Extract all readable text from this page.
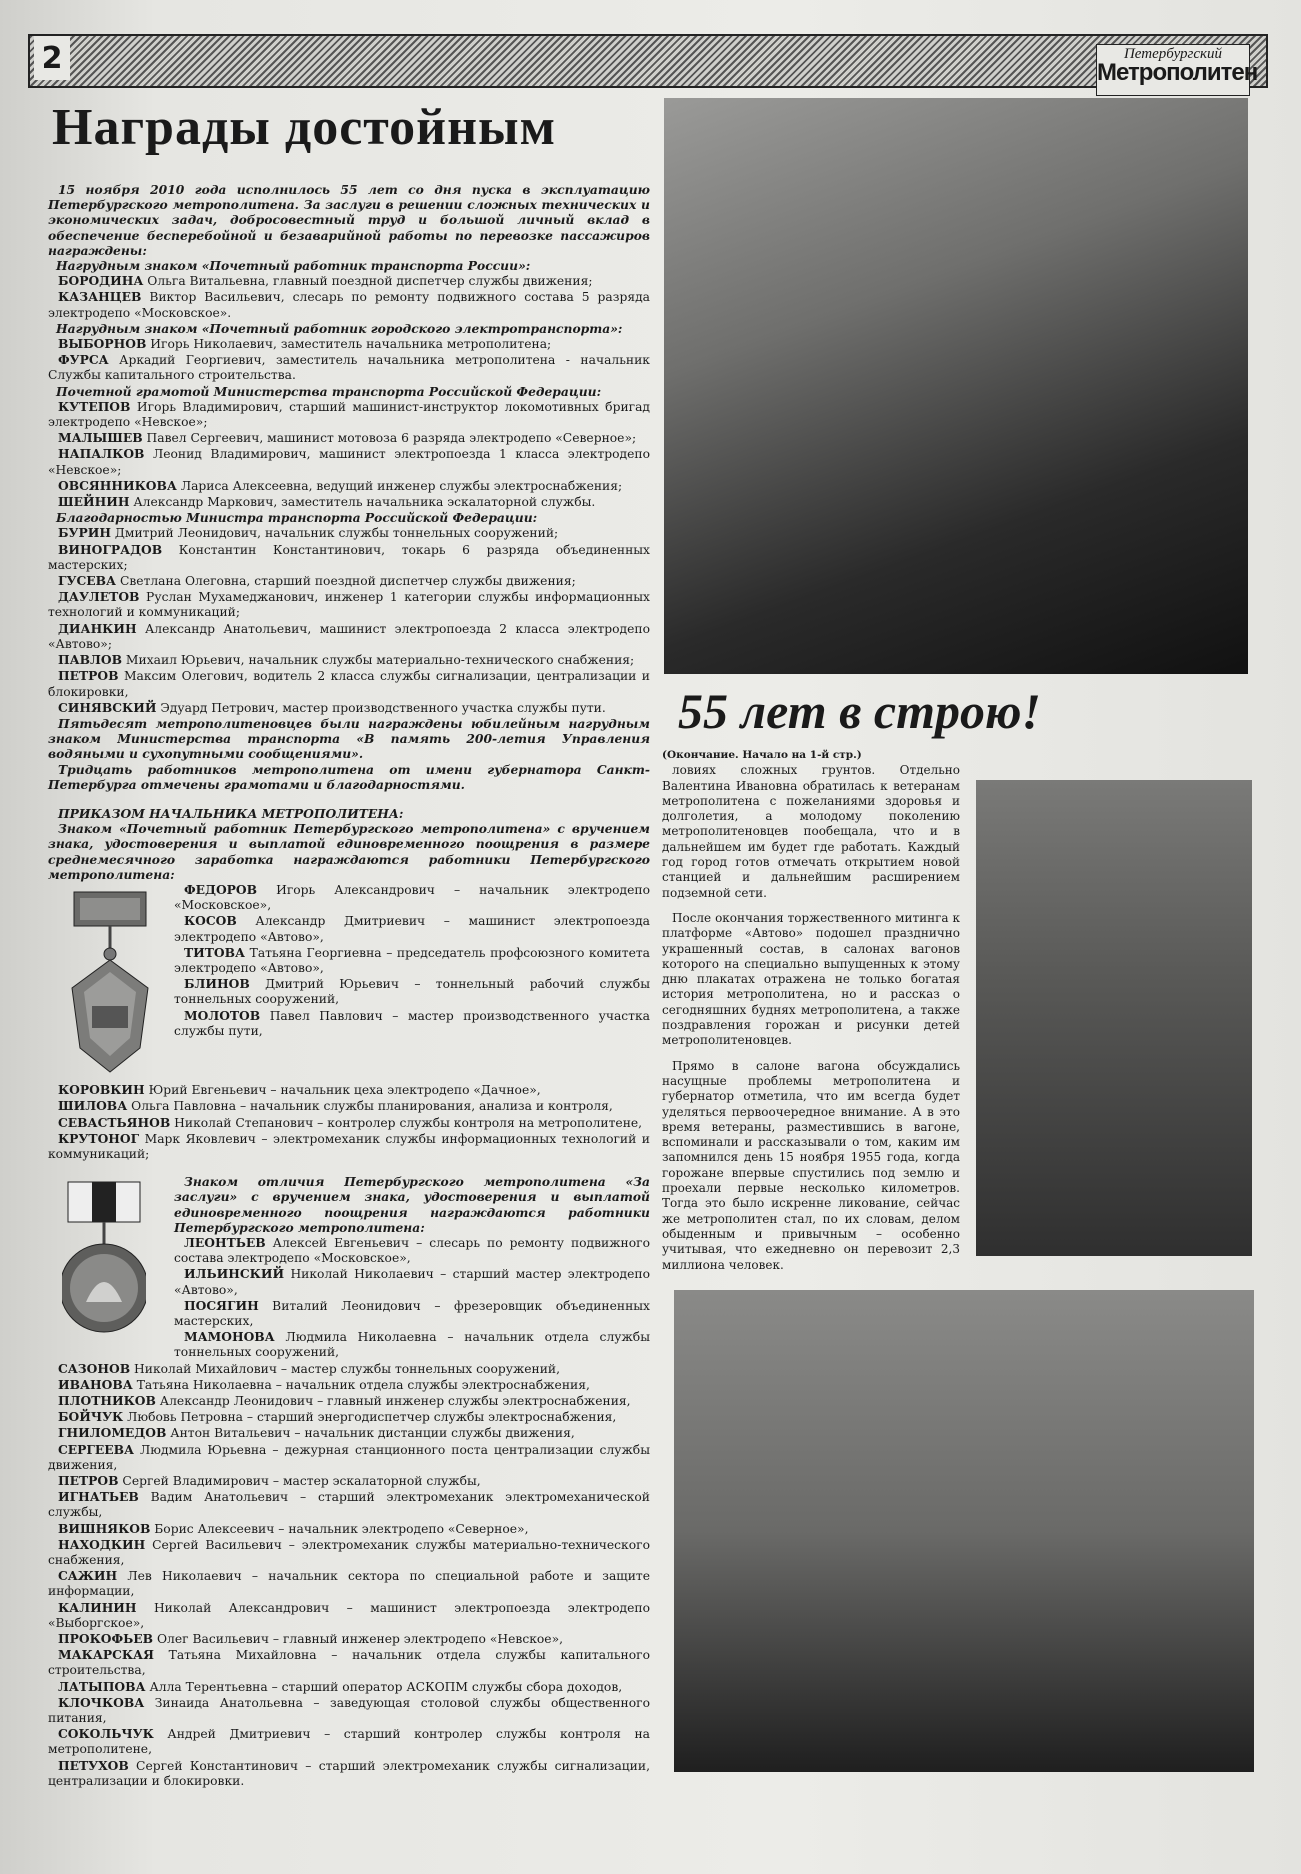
2	Петербургский
Метрополитен
Награды достойным

15 ноября 2010 года исполнилось 55 лет со дня пуска в эксплуатацию Петербургского метрополитена. За заслуги в решении сложных технических и экономических задач, добросовестный труд и большой личный вклад в обеспечение бесперебойной и безаварийной работы по перевозке пассажиров награждены:

Нагрудным знаком «Почетный работник транспорта России»:

БОРОДИНА Ольга Витальевна, главный поездной диспетчер службы движения;

КАЗАНЦЕВ Виктор Васильевич, слесарь по ремонту подвижного состава 5 разряда электродепо «Московское».

Нагрудным знаком «Почетный работник городского электротранспорта»:

ВЫБОРНОВ Игорь Николаевич, заместитель начальника метрополитена;

ФУРСА Аркадий Георгиевич, заместитель начальника метрополитена - начальник Службы капитального строительства.

Почетной грамотой Министерства транспорта Российской Федерации:

КУТЕПОВ Игорь Владимирович, старший машинист-инструктор локомотивных бригад электродепо «Невское»;

МАЛЫШЕВ Павел Сергеевич, машинист мотовоза 6 разряда электродепо «Северное»;

НАПАЛКОВ Леонид Владимирович, машинист электропоезда 1 класса электродепо «Невское»;

ОВСЯННИКОВА Лариса Алексеевна, ведущий инженер службы электроснабжения;

ШЕЙНИН Александр Маркович, заместитель начальника эскалаторной службы.

Благодарностью Министра транспорта Российской Федерации:

БУРИН Дмитрий Леонидович, начальник службы тоннельных сооружений;

ВИНОГРАДОВ Константин Константинович, токарь 6 разряда объединенных мастерских;

ГУСЕВА Светлана Олеговна, старший поездной диспетчер службы движения;

ДАУЛЕТОВ Руслан Мухамеджанович, инженер 1 категории службы информационных технологий и коммуникаций;

ДИАНКИН Александр Анатольевич, машинист электропоезда 2 класса электродепо «Автово»;

ПАВЛОВ Михаил Юрьевич, начальник службы материально-технического снабжения;

ПЕТРОВ Максим Олегович, водитель 2 класса службы сигнализации, централизации и блокировки,

СИНЯВСКИЙ Эдуард Петрович, мастер производственного участка службы пути.

Пятьдесят метрополитеновцев были награждены юбилейным нагрудным знаком Министерства транспорта «В память 200-летия Управления водяными и сухопутными сообщениями».

Тридцать работников метрополитена от имени губернатора Санкт-Петербурга отмечены грамотами и благодарностями.

ПРИКАЗОМ НАЧАЛЬНИКА МЕТРОПОЛИТЕНА:

Знаком «Почетный работник Петербургского метрополитена» с вручением знака, удостоверения и выплатой единовременного поощрения в размере среднемесячного заработка награждаются работники Петербургского метрополитена:

ФЕДОРОВ Игорь Александрович – начальник электродепо «Московское»,

КОСОВ Александр Дмитриевич – машинист электропоезда электродепо «Автово»,

ТИТОВА Татьяна Георгиевна – председатель профсоюзного комитета электродепо «Автово»,

БЛИНОВ Дмитрий Юрьевич – тоннельный рабочий службы тоннельных сооружений,

МОЛОТОВ Павел Павлович – мастер производственного участка службы пути,

КОРОВКИН Юрий Евгеньевич – начальник цеха электродепо «Дачное»,

ШИЛОВА Ольга Павловна – начальник службы планирования, анализа и контроля,

СЕВАСТЬЯНОВ Николай Степанович – контролер службы контроля на метрополитене,

КРУТОНОГ Марк Яковлевич – электромеханик службы информационных технологий и коммуникаций;

Знаком отличия Петербургского метрополитена «За заслуги» с вручением знака, удостоверения и выплатой единовременного поощрения награждаются работники Петербургского метрополитена:

ЛЕОНТЬЕВ Алексей Евгеньевич – слесарь по ремонту подвижного состава электродепо «Московское»,

ИЛЬИНСКИЙ Николай Николаевич – старший мастер электродепо «Автово»,

ПОСЯГИН Виталий Леонидович – фрезеровщик объединенных мастерских,

МАМОНОВА Людмила Николаевна – начальник отдела службы тоннельных сооружений,

САЗОНОВ Николай Михайлович – мастер службы тоннельных сооружений,

ИВАНОВА Татьяна Николаевна – начальник отдела службы электроснабжения,

ПЛОТНИКОВ Александр Леонидович – главный инженер службы электроснабжения,

БОЙЧУК Любовь Петровна – старший энергодиспетчер службы электроснабжения,

ГНИЛОМЕДОВ Антон Витальевич – начальник дистанции службы движения,

СЕРГЕЕВА Людмила Юрьевна – дежурная станционного поста централизации службы движения,

ПЕТРОВ Сергей Владимирович – мастер эскалаторной службы,

ИГНАТЬЕВ Вадим Анатольевич – старший электромеханик электромеханической службы,

ВИШНЯКОВ Борис Алексеевич – начальник электродепо «Северное»,

НАХОДКИН Сергей Васильевич – электромеханик службы материально-технического снабжения,

САЖИН Лев Николаевич – начальник сектора по специальной работе и защите информации,

КАЛИНИН Николай Александрович – машинист электропоезда электродепо «Выборгское»,

ПРОКОФЬЕВ Олег Васильевич – главный инженер электродепо «Невское»,

МАКАРСКАЯ Татьяна Михайловна – начальник отдела службы капитального строительства,

ЛАТЫПОВА Алла Терентьевна – старший оператор АСКОПМ службы сбора доходов,

КЛОЧКОВА Зинаида Анатольевна – заведующая столовой службы общественного питания,

СОКОЛЬЧУК Андрей Дмитриевич – старший контролер службы контроля на метрополитене,

ПЕТУХОВ Сергей Константинович – старший электромеханик службы сигнализации, централизации и блокировки.

55 лет в строю!

(Окончание. Начало на 1-й стр.)

ловиях сложных грунтов. Отдельно Валентина Ивановна обратилась к ветеранам метрополитена с пожеланиями здоровья и долголетия, а молодому поколению метрополитеновцев пообещала, что и в дальнейшем им будет где работать. Каждый год город готов отмечать открытием новой станцией и дальнейшим расширением подземной сети.

После окончания торжественного митинга к платформе «Автово» подошел празднично украшенный состав, в салонах вагонов которого на специально выпущенных к этому дню плакатах отражена не только богатая история метрополитена, но и рассказ о сегодняшних буднях метрополитена, а также поздравления горожан и рисунки детей метрополитеновцев.

Прямо в салоне вагона обсуждались насущные проблемы метрополитена и губернатор отметила, что им всегда будет уделяться первоочередное внимание. А в это время ветераны, разместившись в вагоне, вспоминали и рассказывали о том, каким им запомнился день 15 ноября 1955 года, когда горожане впервые спустились под землю и проехали первые несколько километров. Тогда это было искренне ликование, сейчас же метрополитен стал, по их словам, делом обыденным и привычным – особенно учитывая, что ежедневно он перевозит 2,3 миллиона человек.
